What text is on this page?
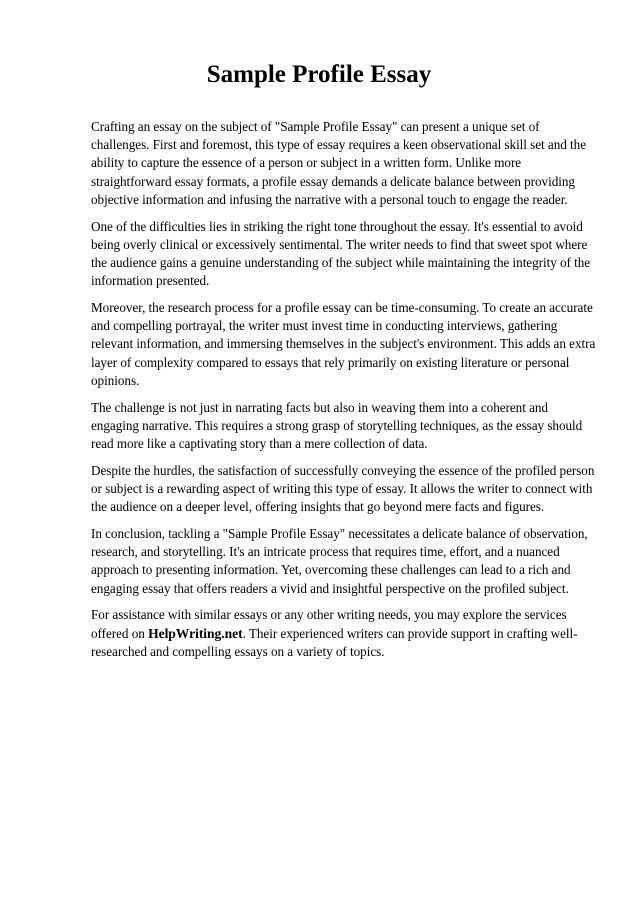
Sample Profile Essay

Crafting an essay on the subject of "Sample Profile Essay" can present a unique set of challenges. First and foremost, this type of essay requires a keen observational skill set and the ability to capture the essence of a person or subject in a written form. Unlike more straightforward essay formats, a profile essay demands a delicate balance between providing objective information and infusing the narrative with a personal touch to engage the reader.

One of the difficulties lies in striking the right tone throughout the essay. It's essential to avoid being overly clinical or excessively sentimental. The writer needs to find that sweet spot where the audience gains a genuine understanding of the subject while maintaining the integrity of the information presented.

Moreover, the research process for a profile essay can be time-consuming. To create an accurate and compelling portrayal, the writer must invest time in conducting interviews, gathering relevant information, and immersing themselves in the subject's environment. This adds an extra layer of complexity compared to essays that rely primarily on existing literature or personal opinions.

The challenge is not just in narrating facts but also in weaving them into a coherent and engaging narrative. This requires a strong grasp of storytelling techniques, as the essay should read more like a captivating story than a mere collection of data.

Despite the hurdles, the satisfaction of successfully conveying the essence of the profiled person or subject is a rewarding aspect of writing this type of essay. It allows the writer to connect with the audience on a deeper level, offering insights that go beyond mere facts and figures.

In conclusion, tackling a "Sample Profile Essay" necessitates a delicate balance of observation, research, and storytelling. It's an intricate process that requires time, effort, and a nuanced approach to presenting information. Yet, overcoming these challenges can lead to a rich and engaging essay that offers readers a vivid and insightful perspective on the profiled subject.

For assistance with similar essays or any other writing needs, you may explore the services offered on HelpWriting.net. Their experienced writers can provide support in crafting well-researched and compelling essays on a variety of topics.
